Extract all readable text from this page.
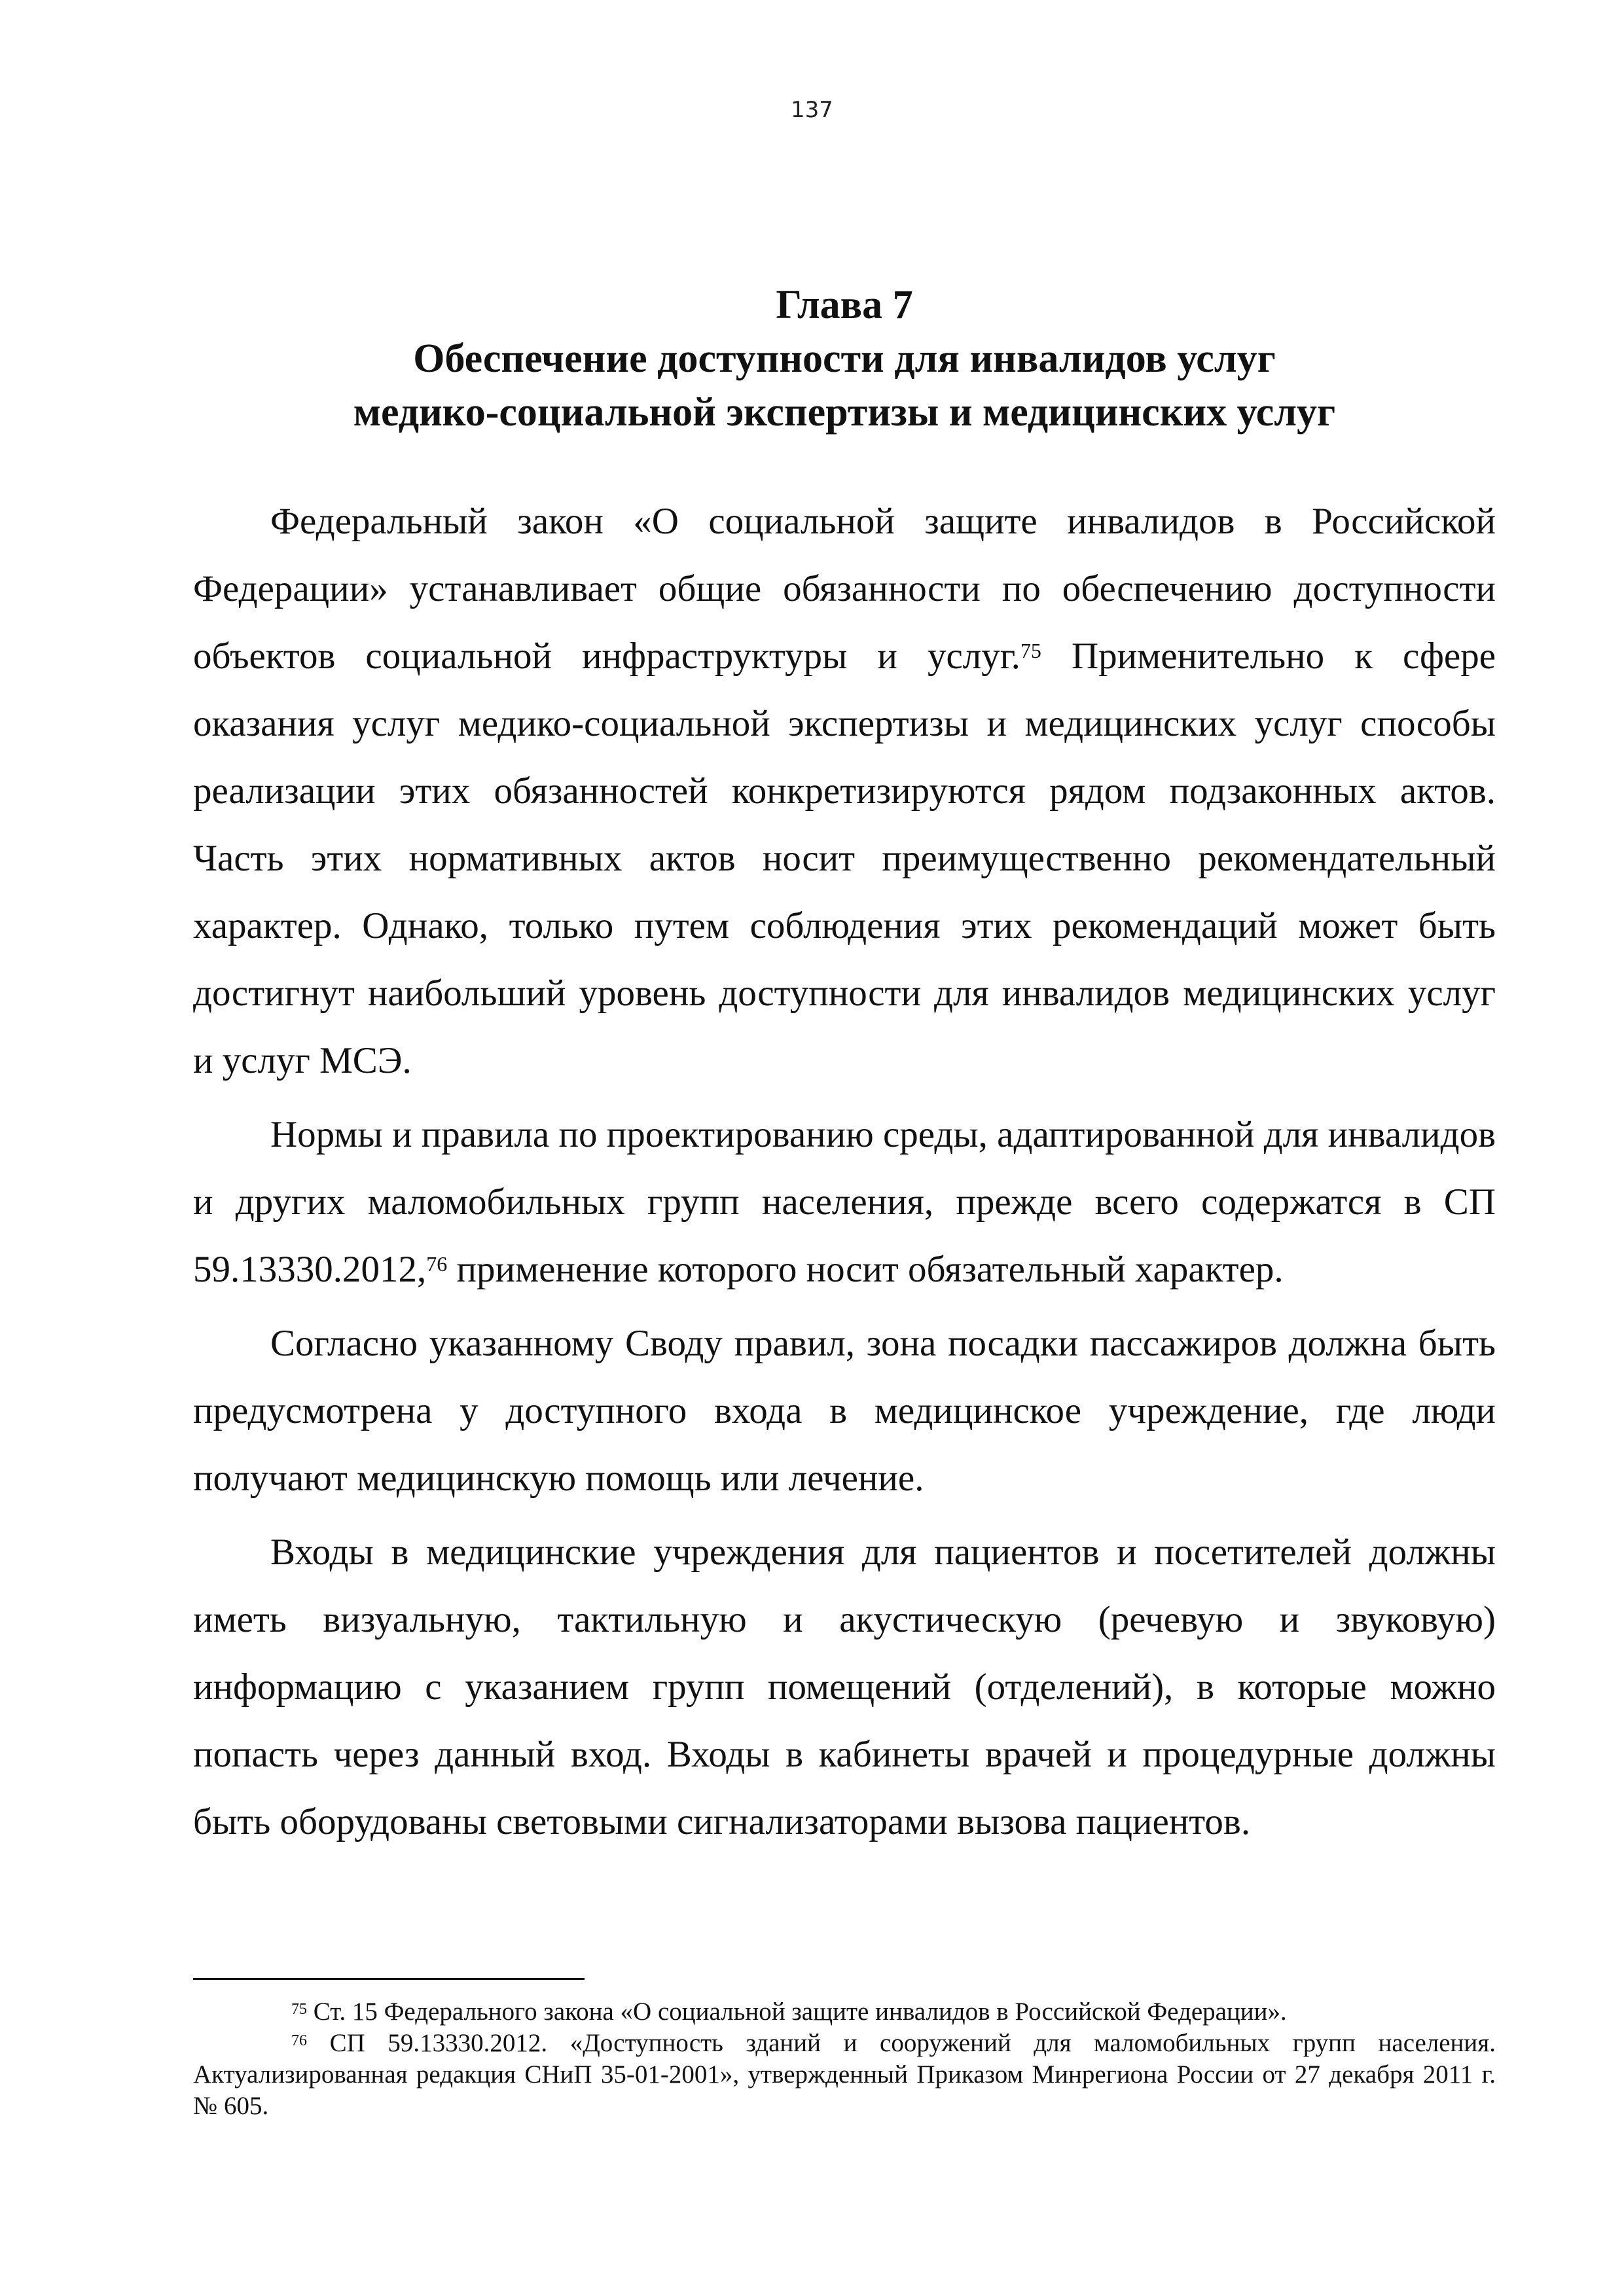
137
Глава 7
Обеспечение доступности для инвалидов услуг
медико-социальной экспертизы и медицинских услуг

Федеральный закон «О социальной защите инвалидов в Российской Федерации» устанавливает общие обязанности по обеспечению доступности объектов социальной инфраструктуры и услуг.$^{75}$ Применительно к сфере оказания услуг медико-социальной экспертизы и медицинских услуг способы реализации этих обязанностей конкретизируются рядом подзаконных актов. Часть этих нормативных актов носит преимущественно рекомендательный характер. Однако, только путем соблюдения этих рекомендаций может быть достигнут наибольший уровень доступности для инвалидов медицинских услуг и услуг МСЭ.

Нормы и правила по проектированию среды, адаптированной для инвалидов и других маломобильных групп населения, прежде всего содержатся в СП 59.13330.2012,76 применение которого носит обязательный характер.

Согласно указанному Своду правил, зона посадки пассажиров должна быть предусмотрена у доступного входа в медицинское учреждение, где люди получают медицинскую помощь или лечение.

Входы в медицинские учреждения для пациентов и посетителей должны иметь визуальную, тактильную и акустическую (речевую и звуковую) информацию с указанием групп помещений (отделений), в которые можно попасть через данный вход. Входы в кабинеты врачей и процедурные должны быть оборудованы световыми сигнализаторами вызова пациентов.

$^{75}$ Ст. 15 Федерального закона «О социальной защите инвалидов в Российской Федерации».

$^{76}$ СП 59.13330.2012. «Доступность зданий и сооружений для маломобильных групп населения. Актуализированная редакция СНиП 35-01-2001», утвержденный Приказом Минрегиона России от 27 декабря 2011 г. № 605.
